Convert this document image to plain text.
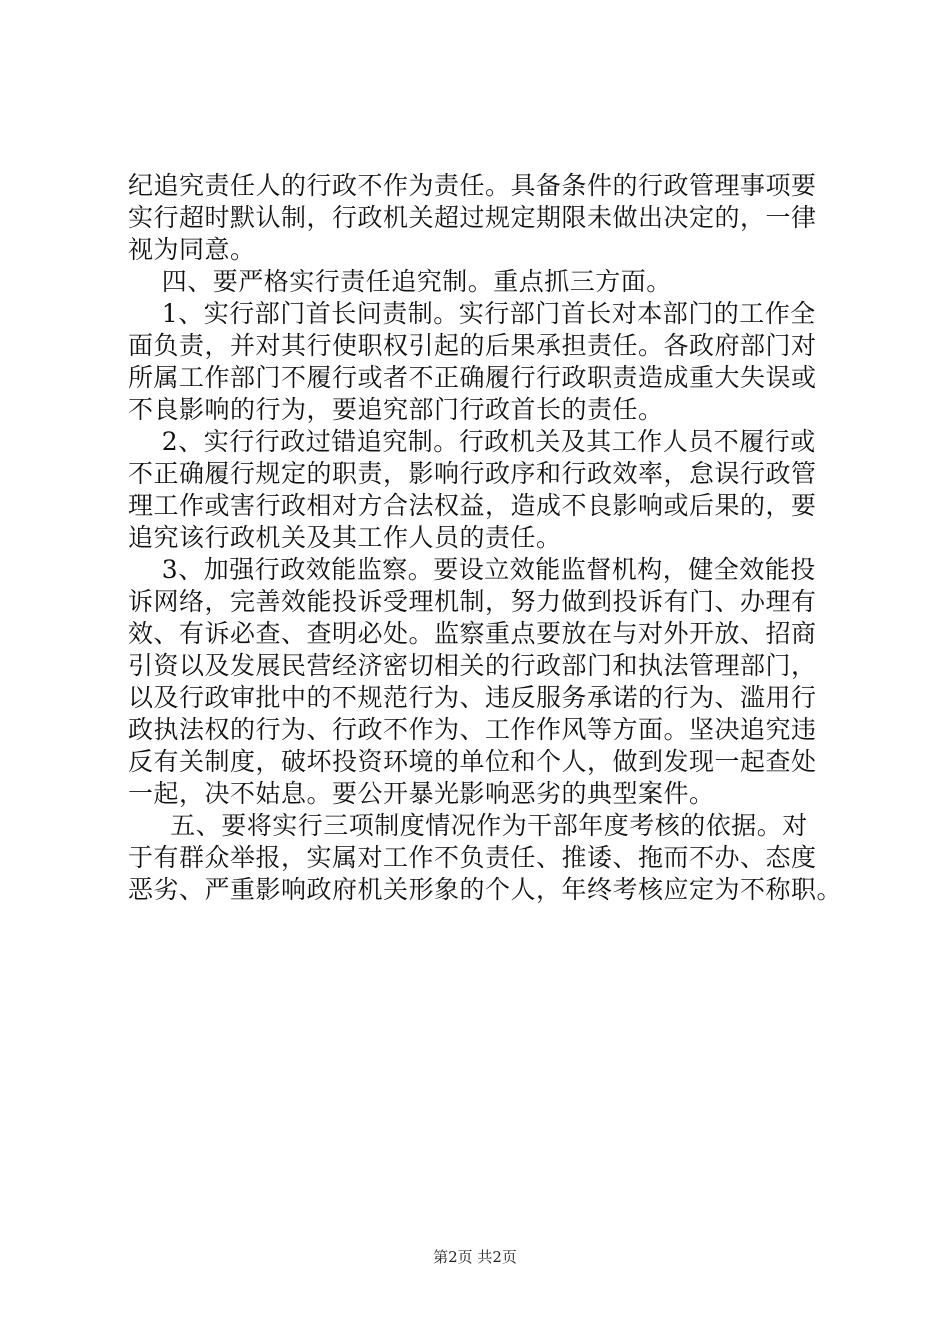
纪追究责任人的行政不作为责任。具备条件的行政管理事项要
实行超时默认制，行政机关超过规定期限未做出决定的，一律
视为同意。
四、要严格实行责任追究制。重点抓三方面。
1、实行部门首长问责制。实行部门首长对本部门的工作全
面负责，并对其行使职权引起的后果承担责任。各政府部门对
所属工作部门不履行或者不正确履行行政职责造成重大失误或
不良影响的行为，要追究部门行政首长的责任。
2、实行行政过错追究制。行政机关及其工作人员不履行或
不正确履行规定的职责，影响行政序和行政效率，怠误行政管
理工作或害行政相对方合法权益，造成不良影响或后果的，要
追究该行政机关及其工作人员的责任。
3、加强行政效能监察。要设立效能监督机构，健全效能投
诉网络，完善效能投诉受理机制，努力做到投诉有门、办理有
效、有诉必查、查明必处。监察重点要放在与对外开放、招商
引资以及发展民营经济密切相关的行政部门和执法管理部门，
以及行政审批中的不规范行为、违反服务承诺的行为、滥用行
政执法权的行为、行政不作为、工作作风等方面。坚决追究违
反有关制度，破坏投资环境的单位和个人，做到发现一起查处
一起，决不姑息。要公开暴光影响恶劣的典型案件。
五、要将实行三项制度情况作为干部年度考核的依据。对
于有群众举报，实属对工作不负责任、推诿、拖而不办、态度
恶劣、严重影响政府机关形象的个人，年终考核应定为不称职。
第2页 共2页
